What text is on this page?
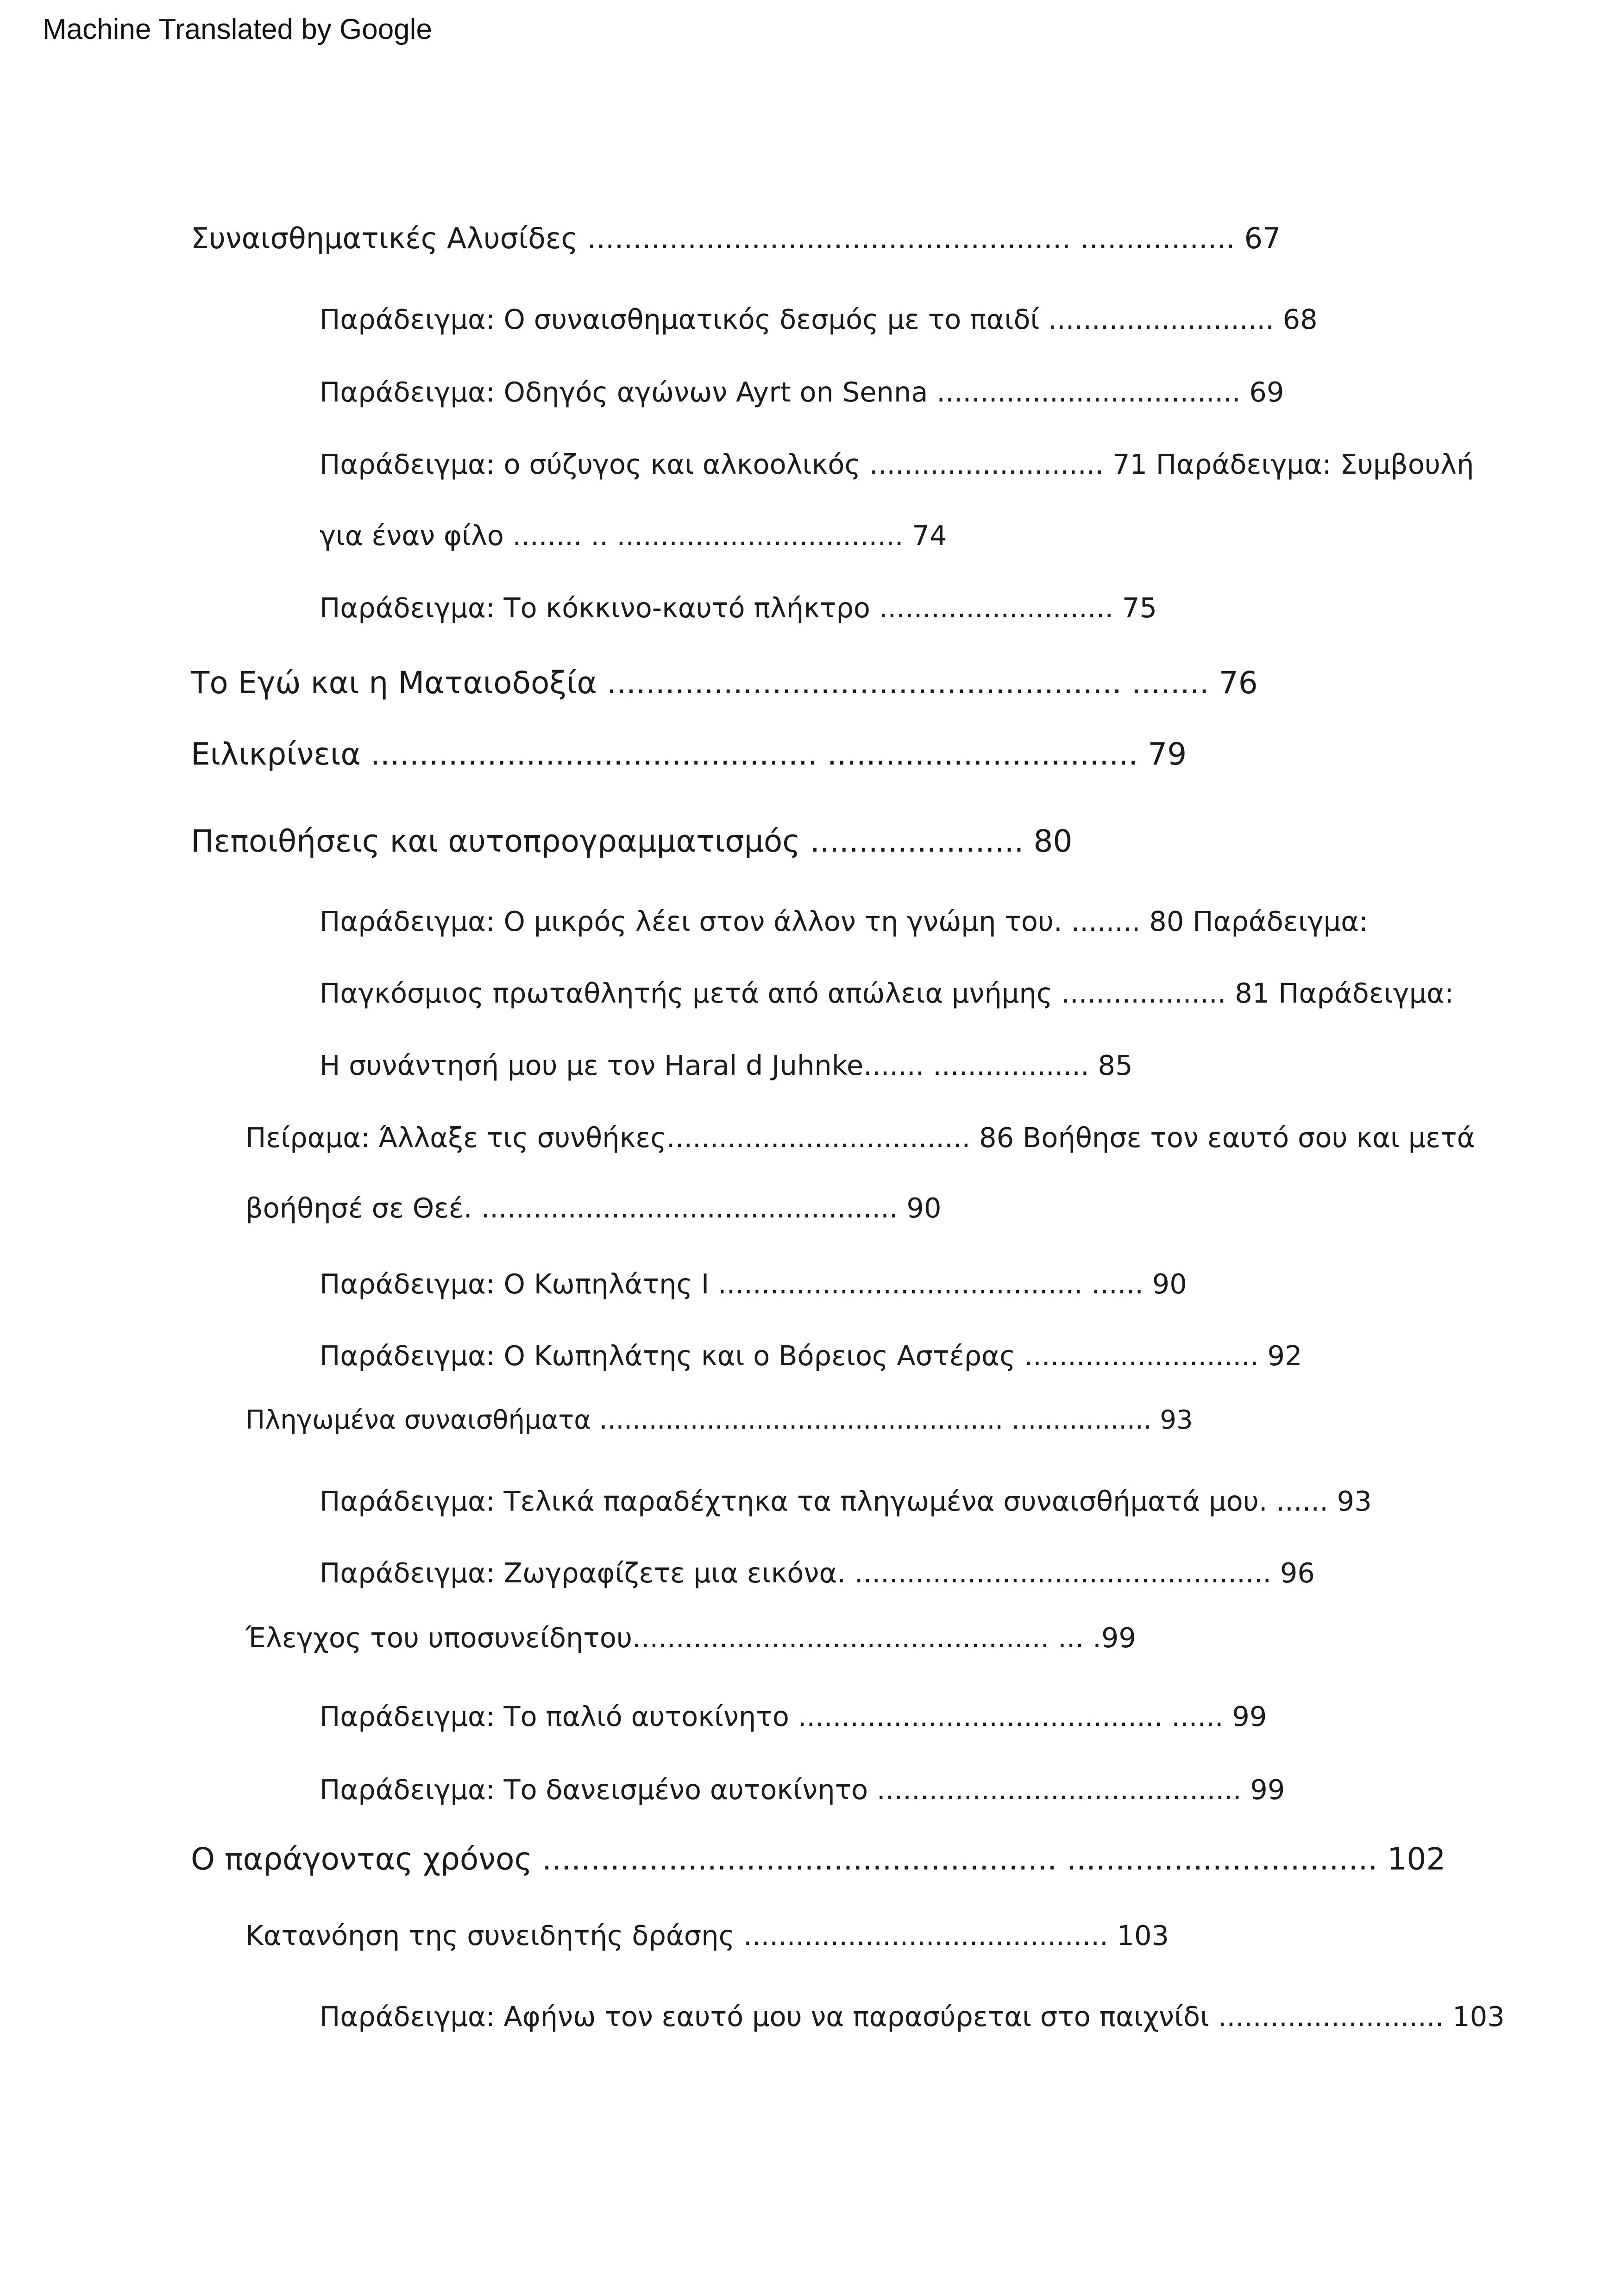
Machine Translated by Google
Συναισθηματικές Αλυσίδες ..................................................... ................. 67
Παράδειγμα: Ο συναισθηματικός δεσμός με το παιδί .......................... 68
Παράδειγμα: Οδηγός αγώνων Ayrt on Senna ................................... 69
Παράδειγμα: ο σύζυγος και αλκοολικός ........................... 71 Παράδειγμα: Συμβουλή
για έναν φίλο ........ .. ................................. 74
Παράδειγμα: Το κόκκινο-καυτό πλήκτρο ........................... 75
Το Εγώ και η Ματαιοδοξία ..................................................... ........ 76
Ειλικρίνεια .............................................. ................................ 79
Πεποιθήσεις και αυτοπρογραμματισμός ...................... 80
Παράδειγμα: Ο μικρός λέει στον άλλον τη γνώμη του. ........ 80 Παράδειγμα:
Παγκόσμιος πρωταθλητής μετά από απώλεια μνήμης ................... 81 Παράδειγμα:
Η συνάντησή μου με τον Haral d Juhnke....... .................. 85
Πείραμα: Άλλαξε τις συνθήκες................................... 86 Βοήθησε τον εαυτό σου και μετά
βοήθησέ σε Θεέ. ................................................ 90
Παράδειγμα: Ο Κωπηλάτης Ι .......................................... ...... 90
Παράδειγμα: Ο Κωπηλάτης και ο Βόρειος Αστέρας ........................... 92
Πληγωμένα συναισθήματα ................................................. ................. 93
Παράδειγμα: Τελικά παραδέχτηκα τα πληγωμένα συναισθήματά μου. ...... 93
Παράδειγμα: Ζωγραφίζετε μια εικόνα. ................................................ 96
Έλεγχος του υποσυνείδητου................................................ ... .99
Παράδειγμα: Το παλιό αυτοκίνητο .......................................... ...... 99
Παράδειγμα: Το δανεισμένο αυτοκίνητο .......................................... 99
Ο παράγοντας χρόνος ..................................................... ................................ 102
Κατανόηση της συνειδητής δράσης .......................................... 103
Παράδειγμα: Αφήνω τον εαυτό μου να παρασύρεται στο παιχνίδι .......................... 103
